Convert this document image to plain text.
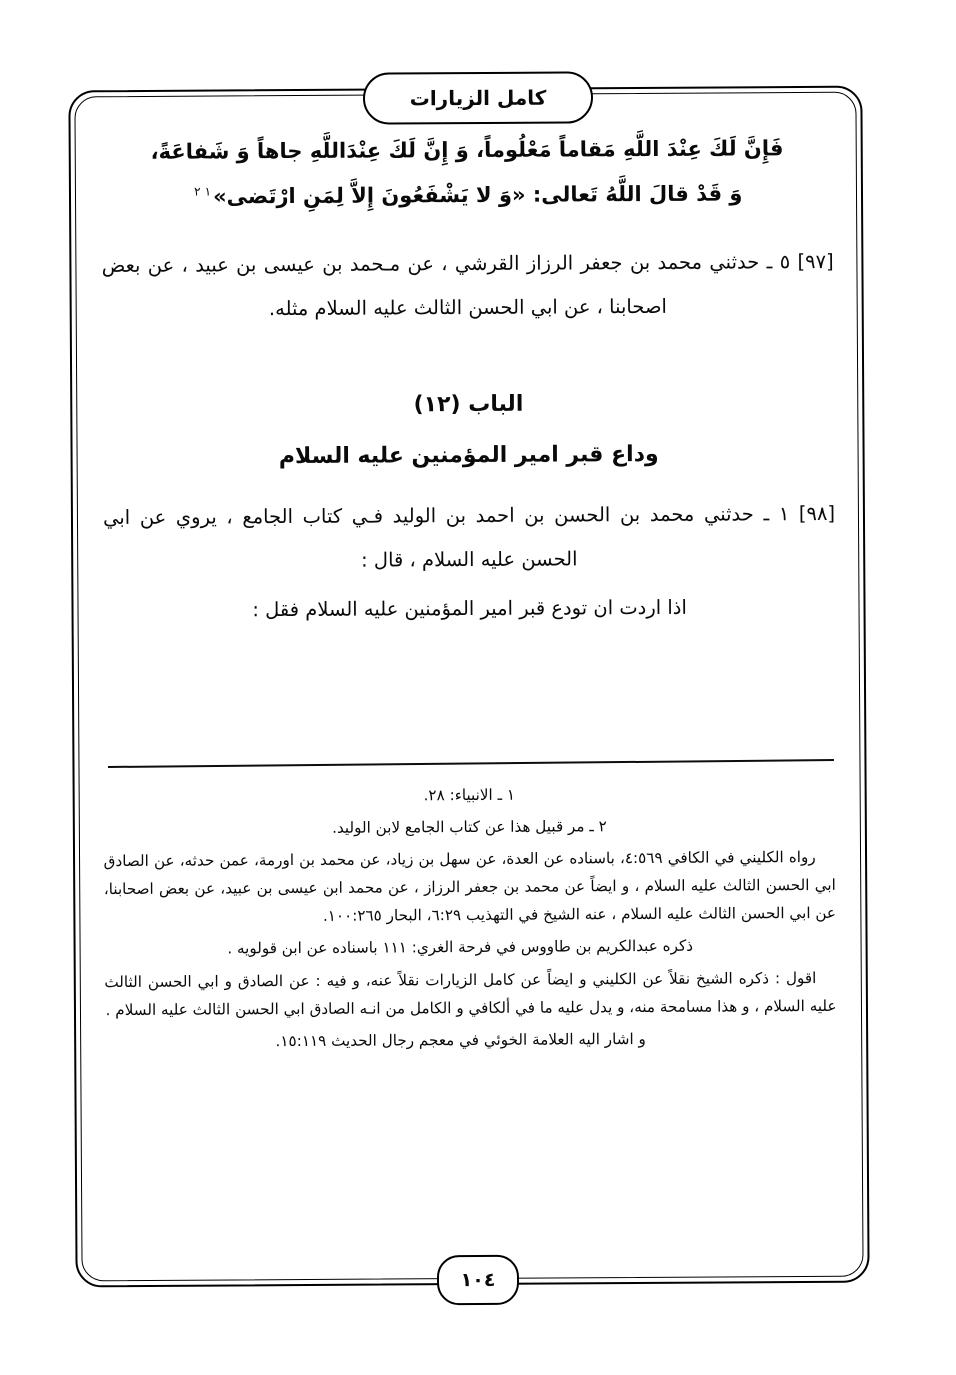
كامل الزيارات
فَإِنَّ لَكَ عِنْدَ اللَّهِ مَقاماً مَعْلُوماً، وَ إِنَّ لَكَ عِنْدَاللَّهِ جاهاً وَ شَفاعَةً،
وَ قَدْ قالَ اللَّهُ تَعالى: «وَ لا يَشْفَعُونَ إِلاَّ لِمَنِ ارْتَضى»$^٢$ $^١$

[٩٧] ٥ ـ حدثني محمد بن جعفر الرزاز القرشي ، عن مـحمد بن عيسى بن عبيد ، عن بعض اصحابنا ، عن ابي الحسن الثالث عليه السلام مثله.

الباب (١٢)
وداع قبر امير المؤمنين عليه السلام

[٩٨] ١ ـ حدثني محمد بن الحسن بن احمد بن الوليد فـي كتاب الجامع ، يروي عن ابي الحسن عليه السلام ، قال :

اذا اردت ان تودع قبر امير المؤمنين عليه السلام فقل :

١ ـ الانبياء: ٢٨.
٢ ـ مر قبيل هذا عن كتاب الجامع لابن الوليد.

رواه الكليني في الكافي ٤:٥٦٩، باسناده عن العدة، عن سهل بن زياد، عن محمد بن اورمة، عمن حدثه، عن الصادق ابي الحسن الثالث عليه السلام ، و ايضاً عن محمد بن جعفر الرزاز ، عن محمد ابن عيسى بن عبيد، عن بعض اصحابنا، عن ابي الحسن الثالث عليه السلام ، عنه الشيخ في التهذيب ٦:٢٩، البحار ١٠٠:٢٦٥.

ذكره عبدالكريم بن طاووس في فرحة الغري: ١١١ باسناده عن ابن قولويه .

اقول : ذكره الشيخ نقلاً عن الكليني و ايضاً عن كامل الزيارات نقلاً عنه، و فيه : عن الصادق و ابي الحسن الثالث عليه السلام ، و هذا مسامحة منه، و يدل عليه ما في ألكافي و الكامل من انـه الصادق ابي الحسن الثالث عليه السلام .

و اشار اليه العلامة الخوئي في معجم رجال الحديث ١٥:١١٩.

١٠٤
